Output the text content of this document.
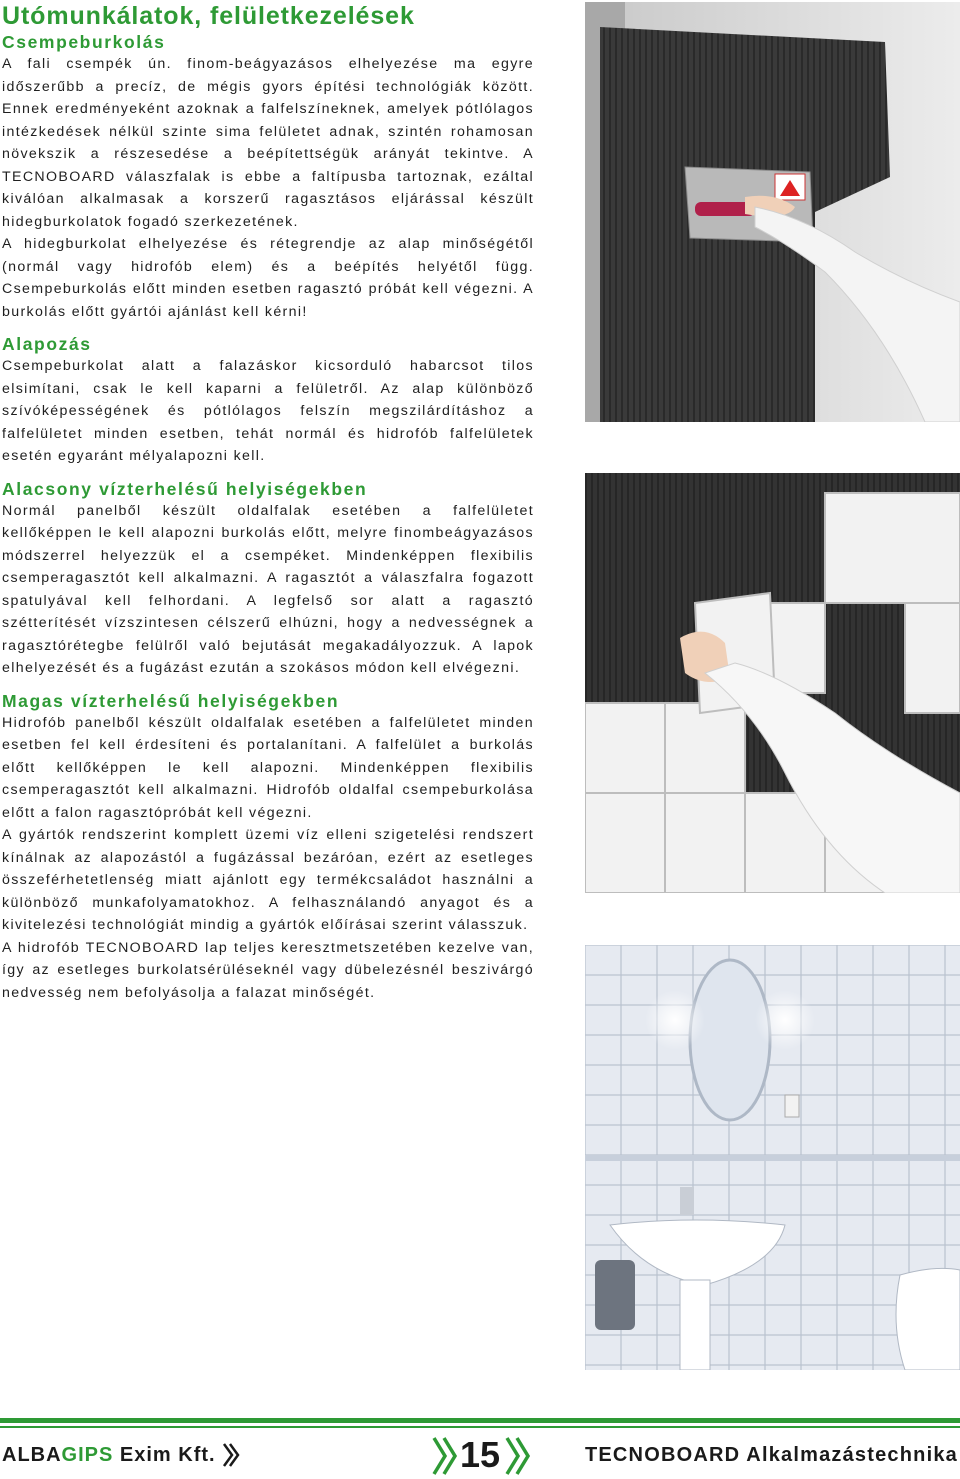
Utómunkálatok, felületkezelések
Csempeburkolás

A fali csempék ún. finom-beágyazásos elhelyezése ma egyre időszerűbb a precíz, de mégis gyors építési technológiák között. Ennek eredményeként azoknak a falfelszíneknek, amelyek pótlólagos intézkedések nélkül szinte sima felületet adnak, szintén rohamosan növekszik a részesedése a beépítettségük arányát tekintve. A TECNOBOARD válaszfalak is ebbe a faltípusba tartoznak, ezáltal kiválóan alkalmasak a korszerű ragasztásos eljárással készült hidegburkolatok fogadó szerkezetének.

A hidegburkolat elhelyezése és rétegrendje az alap minőségétől (normál vagy hidrofób elem) és a beépítés helyétől függ. Csempeburkolás előtt minden esetben ragasztó próbát kell végezni. A burkolás előtt gyártói ajánlást kell kérni!

Alapozás

Csempeburkolat alatt a falazáskor kicsorduló habarcsot tilos elsimítani, csak le kell kaparni a felületről. Az alap különböző szívóképességének és pótlólagos felszín megszilárdításhoz a falfelületet minden esetben, tehát normál és hidrofób falfelületek esetén egyaránt mélyalapozni kell.

Alacsony vízterhelésű helyiségekben

Normál panelből készült oldalfalak esetében a falfelületet kellőképpen le kell alapozni burkolás előtt, melyre finombeágyazásos módszerrel helyezzük el a csempéket. Mindenképpen flexibilis csemperagasztót kell alkalmazni. A ragasztót a válaszfalra fogazott spatulyával kell felhordani. A legfelső sor alatt a ragasztó szétterítését vízszintesen célszerű elhúzni, hogy a nedvességnek a ragasztórétegbe felülről való bejutását megakadályozzuk. A lapok elhelyezését és a fugázást ezután a szokásos módon kell elvégezni.

Magas vízterhelésű helyiségekben

Hidrofób panelből készült oldalfalak esetében a falfelületet minden esetben fel kell érdesíteni és portalanítani. A falfelület a burkolás előtt kellőképpen le kell alapozni. Mindenképpen flexibilis csemperagasztót kell alkalmazni. Hidrofób oldalfal csempeburkolása előtt a falon ragasztópróbát kell végezni.

A gyártók rendszerint komplett üzemi víz elleni szigetelési rendszert kínálnak az alapozástól a fugázással bezáróan, ezért az esetleges összeférhetetlenség miatt ajánlott egy termékcsaládot használni a különböző munkafolyamatokhoz. A felhasználandó anyagot és a kivitelezési technológiát mindig a gyártók előírásai szerint válasszuk.

A hidrofób TECNOBOARD lap teljes keresztmetszetében kezelve van, így az esetleges burkolatsérüléseknél vagy dübelezésnél beszivárgó nedvesség nem befolyásolja a falazat minőségét.

ALBAGIPS Exim Kft.	15	TECNOBOARD Alkalmazástechnika
